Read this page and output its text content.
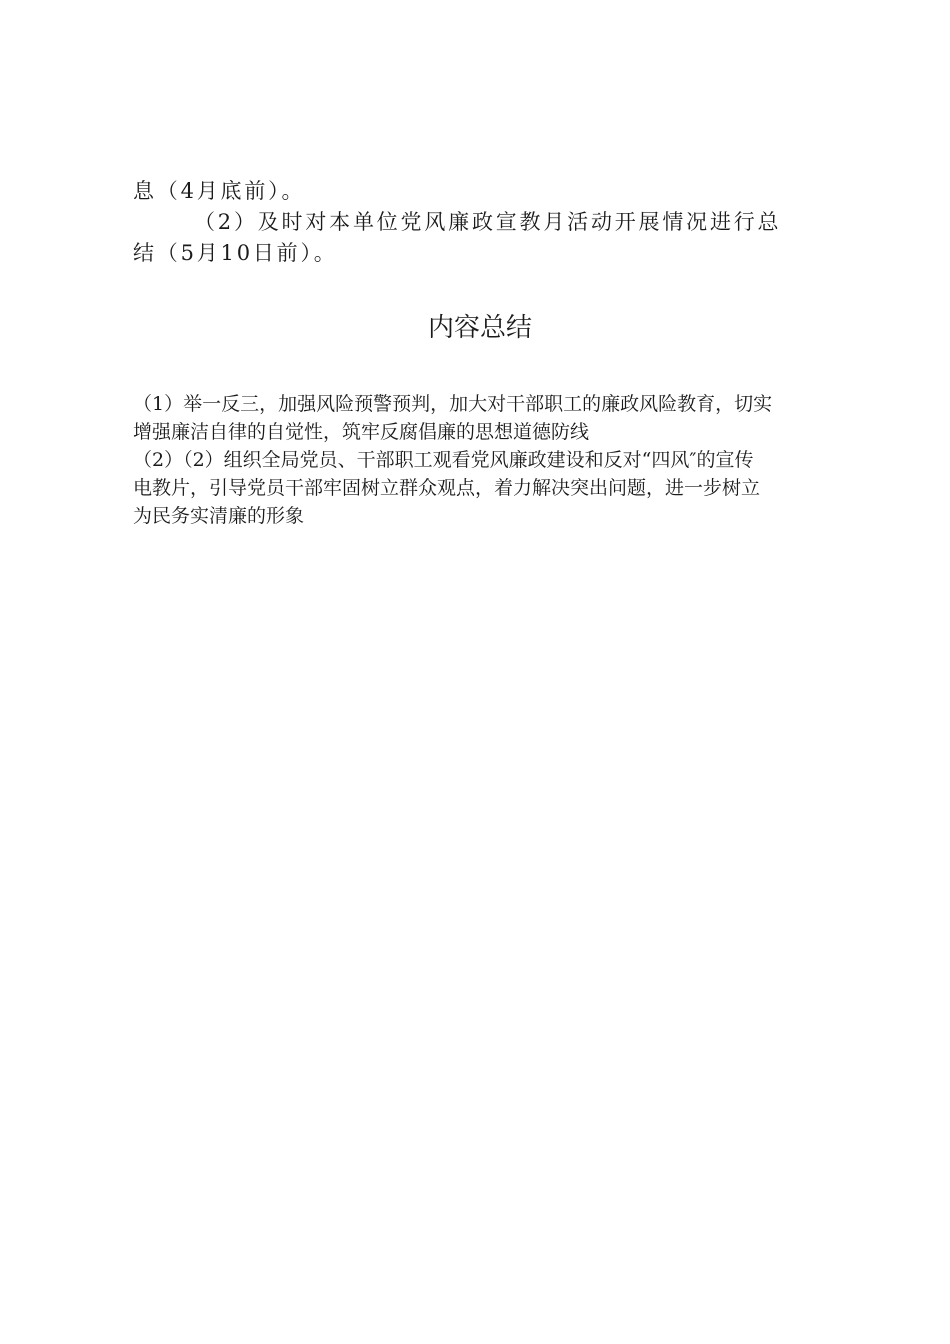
息（4月底前）。

（2）及时对本单位党风廉政宣教月活动开展情况进行总

结（5月10日前）。

内容总结

（1）举一反三，加强风险预警预判，加大对干部职工的廉政风险教育，切实

增强廉洁自律的自觉性，筑牢反腐倡廉的思想道德防线

（2）（2）组织全局党员、干部职工观看党风廉政建设和反对“四风″的宣传

电教片，引导党员干部牢固树立群众观点，着力解决突出问题，进一步树立

为民务实清廉的形象
